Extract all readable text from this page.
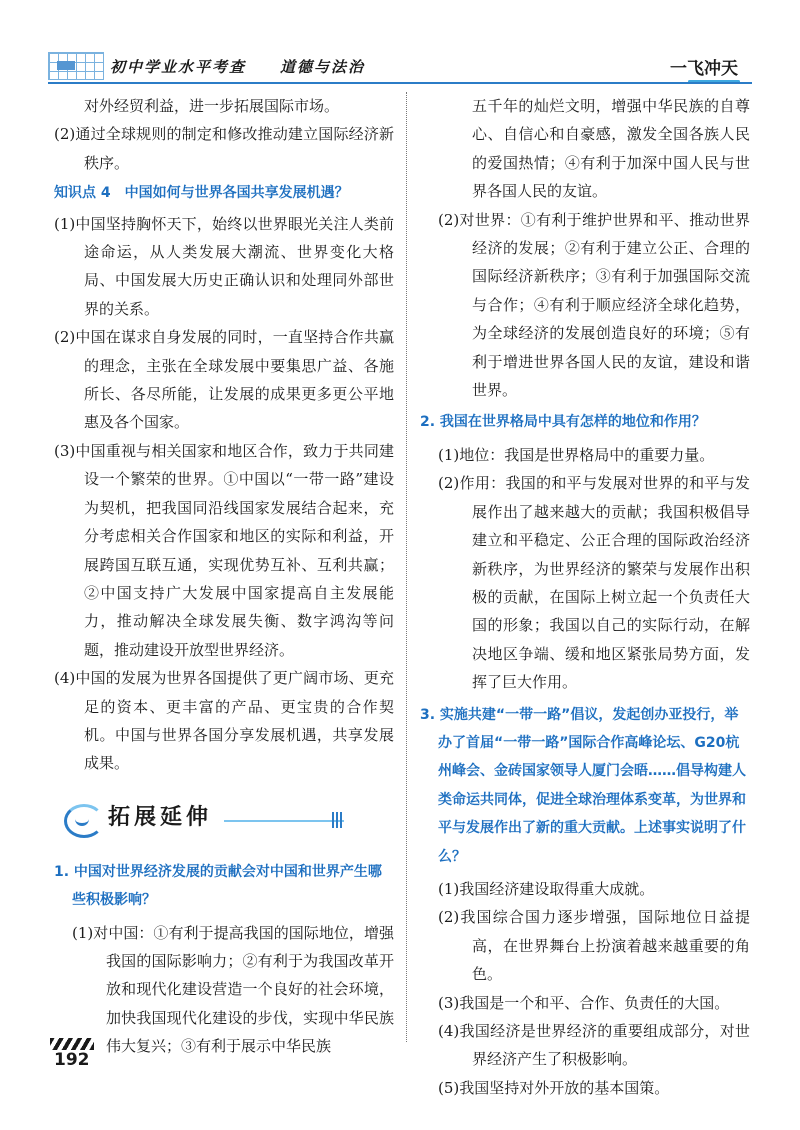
初中学业水平考查 道德与法治	一飞冲天

对外经贸利益，进一步拓展国际市场。

(2)通过全球规则的制定和修改推动建立国际经济新秩序。

知识点 4　中国如何与世界各国共享发展机遇？

(1)中国坚持胸怀天下，始终以世界眼光关注人类前途命运，从人类发展大潮流、世界变化大格局、中国发展大历史正确认识和处理同外部世界的关系。

(2)中国在谋求自身发展的同时，一直坚持合作共赢的理念，主张在全球发展中要集思广益、各施所长、各尽所能，让发展的成果更多更公平地惠及各个国家。

(3)中国重视与相关国家和地区合作，致力于共同建设一个繁荣的世界。①中国以“一带一路”建设为契机，把我国同沿线国家发展结合起来，充分考虑相关合作国家和地区的实际和利益，开展跨国互联互通，实现优势互补、互利共赢；②中国支持广大发展中国家提高自主发展能力，推动解决全球发展失衡、数字鸿沟等问题，推动建设开放型世界经济。

(4)中国的发展为世界各国提供了更广阔市场、更充足的资本、更丰富的产品、更宝贵的合作契机。中国与世界各国分享发展机遇，共享发展成果。

拓展延伸

1. 中国对世界经济发展的贡献会对中国和世界产生哪些积极影响？

(1)对中国：①有利于提高我国的国际地位，增强我国的国际影响力；②有利于为我国改革开放和现代化建设营造一个良好的社会环境，加快我国现代化建设的步伐，实现中华民族伟大复兴；③有利于展示中华民族

五千年的灿烂文明，增强中华民族的自尊心、自信心和自豪感，激发全国各族人民的爱国热情；④有利于加深中国人民与世界各国人民的友谊。

(2)对世界：①有利于维护世界和平、推动世界经济的发展；②有利于建立公正、合理的国际经济新秩序；③有利于加强国际交流与合作；④有利于顺应经济全球化趋势，为全球经济的发展创造良好的环境；⑤有利于增进世界各国人民的友谊，建设和谐世界。

2. 我国在世界格局中具有怎样的地位和作用？

(1)地位：我国是世界格局中的重要力量。

(2)作用：我国的和平与发展对世界的和平与发展作出了越来越大的贡献；我国积极倡导建立和平稳定、公正合理的国际政治经济新秩序，为世界经济的繁荣与发展作出积极的贡献，在国际上树立起一个负责任大国的形象；我国以自己的实际行动，在解决地区争端、缓和地区紧张局势方面，发挥了巨大作用。

3. 实施共建“一带一路”倡议，发起创办亚投行，举办了首届“一带一路”国际合作高峰论坛、G20杭州峰会、金砖国家领导人厦门会晤……倡导构建人类命运共同体，促进全球治理体系变革，为世界和平与发展作出了新的重大贡献。上述事实说明了什么？

(1)我国经济建设取得重大成就。

(2)我国综合国力逐步增强，国际地位日益提高，在世界舞台上扮演着越来越重要的角色。

(3)我国是一个和平、合作、负责任的大国。

(4)我国经济是世界经济的重要组成部分，对世界经济产生了积极影响。

(5)我国坚持对外开放的基本国策。

192
